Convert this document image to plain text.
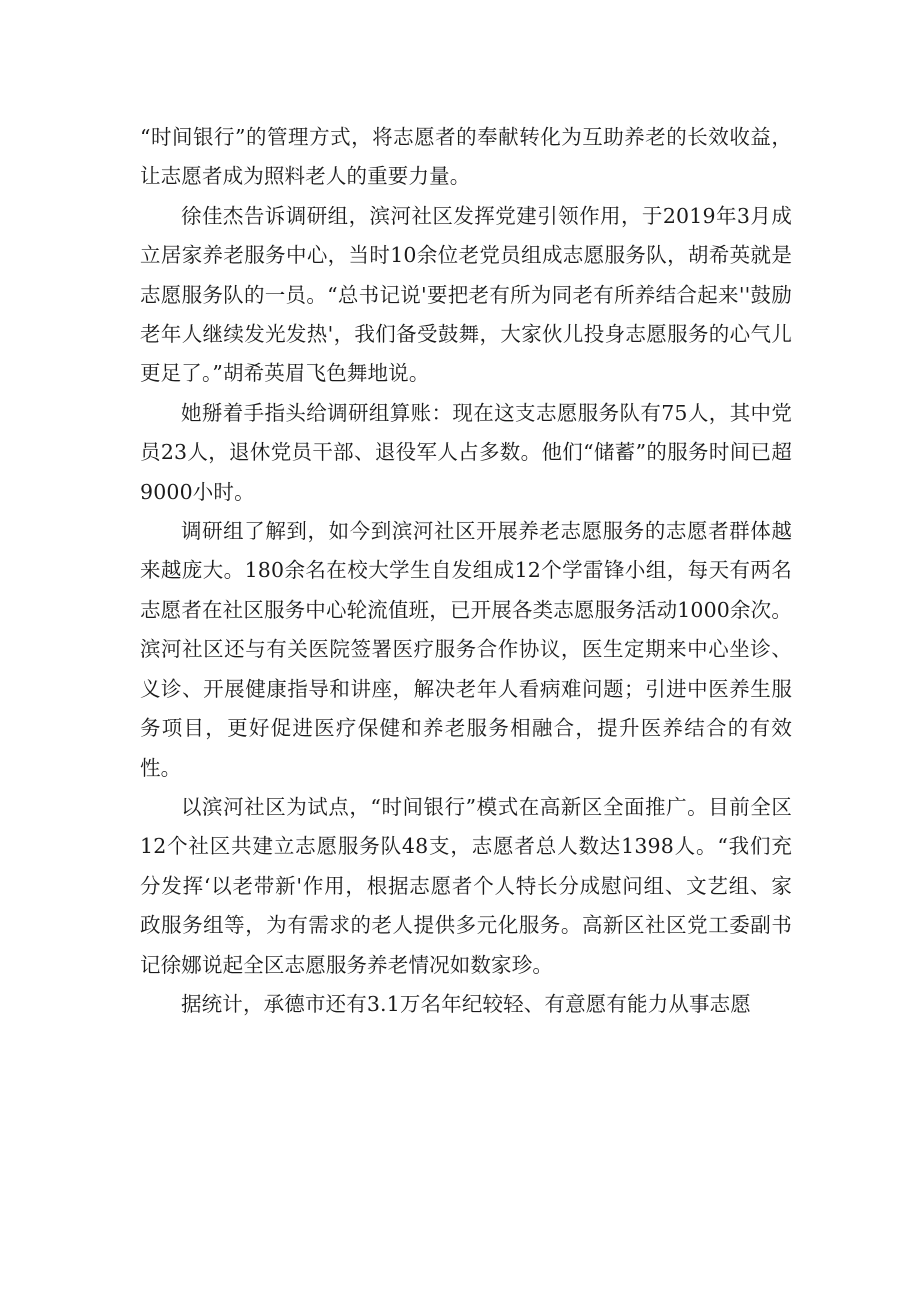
“时间银行”的管理方式，将志愿者的奉献转化为互助养老的长效收益，让志愿者成为照料老人的重要力量。

徐佳杰告诉调研组，滨河社区发挥党建引领作用，于2019年3月成立居家养老服务中心，当时10余位老党员组成志愿服务队，胡希英就是志愿服务队的一员。“总书记说'要把老有所为同老有所养结合起来''鼓励老年人继续发光发热'，我们备受鼓舞，大家伙儿投身志愿服务的心气儿更足了。”胡希英眉飞色舞地说。

她掰着手指头给调研组算账：现在这支志愿服务队有75人，其中党员23人，退休党员干部、退役军人占多数。他们“储蓄”的服务时间已超9000小时。

调研组了解到，如今到滨河社区开展养老志愿服务的志愿者群体越来越庞大。180余名在校大学生自发组成12个学雷锋小组，每天有两名志愿者在社区服务中心轮流值班，已开展各类志愿服务活动1000余次。滨河社区还与有关医院签署医疗服务合作协议，医生定期来中心坐诊、义诊、开展健康指导和讲座，解决老年人看病难问题；引进中医养生服务项目，更好促进医疗保健和养老服务相融合，提升医养结合的有效性。

以滨河社区为试点，“时间银行”模式在高新区全面推广。目前全区12个社区共建立志愿服务队48支，志愿者总人数达1398人。“我们充分发挥‘以老带新'作用，根据志愿者个人特长分成慰问组、文艺组、家政服务组等，为有需求的老人提供多元化服务。高新区社区党工委副书记徐娜说起全区志愿服务养老情况如数家珍。

据统计，承德市还有3.1万名年纪较轻、有意愿有能力从事志愿
